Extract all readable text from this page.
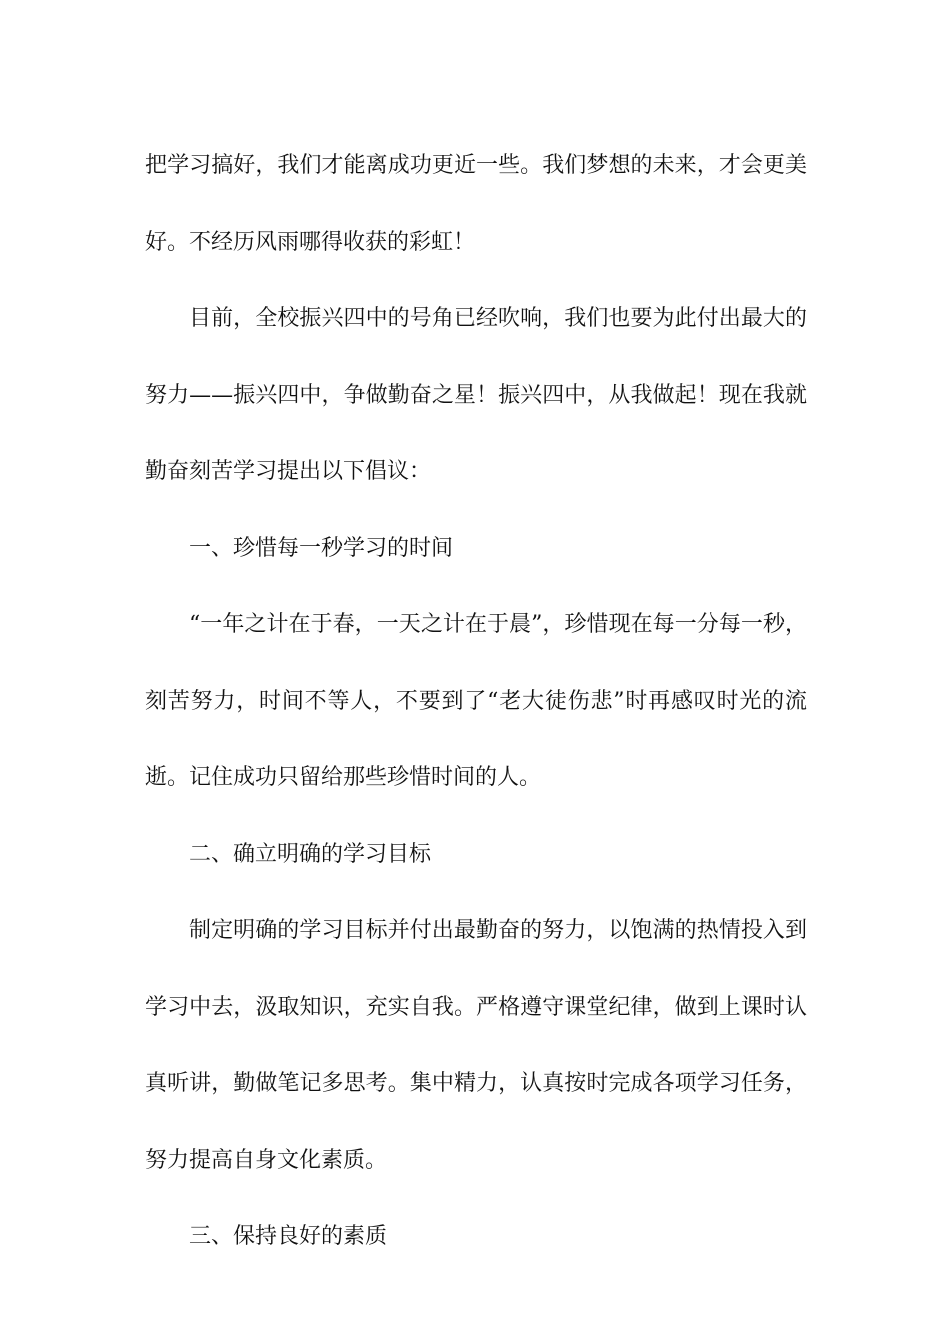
把学习搞好，我们才能离成功更近一些。我们梦想的未来，才会更美好。不经历风雨哪得收获的彩虹！

目前，全校振兴四中的号角已经吹响，我们也要为此付出最大的努力——振兴四中，争做勤奋之星！振兴四中，从我做起！现在我就勤奋刻苦学习提出以下倡议：

一、珍惜每一秒学习的时间

“一年之计在于春，一天之计在于晨”，珍惜现在每一分每一秒，刻苦努力，时间不等人，不要到了“老大徒伤悲”时再感叹时光的流逝。记住成功只留给那些珍惜时间的人。

二、确立明确的学习目标

制定明确的学习目标并付出最勤奋的努力，以饱满的热情投入到学习中去，汲取知识，充实自我。严格遵守课堂纪律，做到上课时认真听讲，勤做笔记多思考。集中精力，认真按时完成各项学习任务，努力提高自身文化素质。

三、保持良好的素质
